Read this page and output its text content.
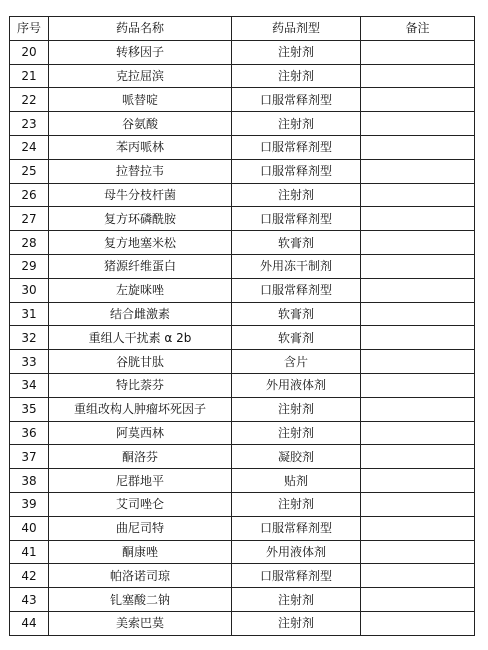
序号	药品名称	药品剂型	备注
20	转移因子	注射剂	
21	克拉屈滨	注射剂	
22	哌替啶	口服常释剂型	
23	谷氨酸	注射剂	
24	苯丙哌林	口服常释剂型	
25	拉替拉韦	口服常释剂型	
26	母牛分枝杆菌	注射剂	
27	复方环磷酰胺	口服常释剂型	
28	复方地塞米松	软膏剂	
29	猪源纤维蛋白	外用冻干制剂	
30	左旋咪唑	口服常释剂型	
31	结合雌激素	软膏剂	
32	重组人干扰素 α 2b	软膏剂	
33	谷胱甘肽	含片	
34	特比萘芬	外用液体剂	
35	重组改构人肿瘤坏死因子	注射剂	
36	阿莫西林	注射剂	
37	酮洛芬	凝胶剂	
38	尼群地平	贴剂	
39	艾司唑仑	注射剂	
40	曲尼司特	口服常释剂型	
41	酮康唑	外用液体剂	
42	帕洛诺司琼	口服常释剂型	
43	钆塞酸二钠	注射剂	
44	美索巴莫	注射剂	
